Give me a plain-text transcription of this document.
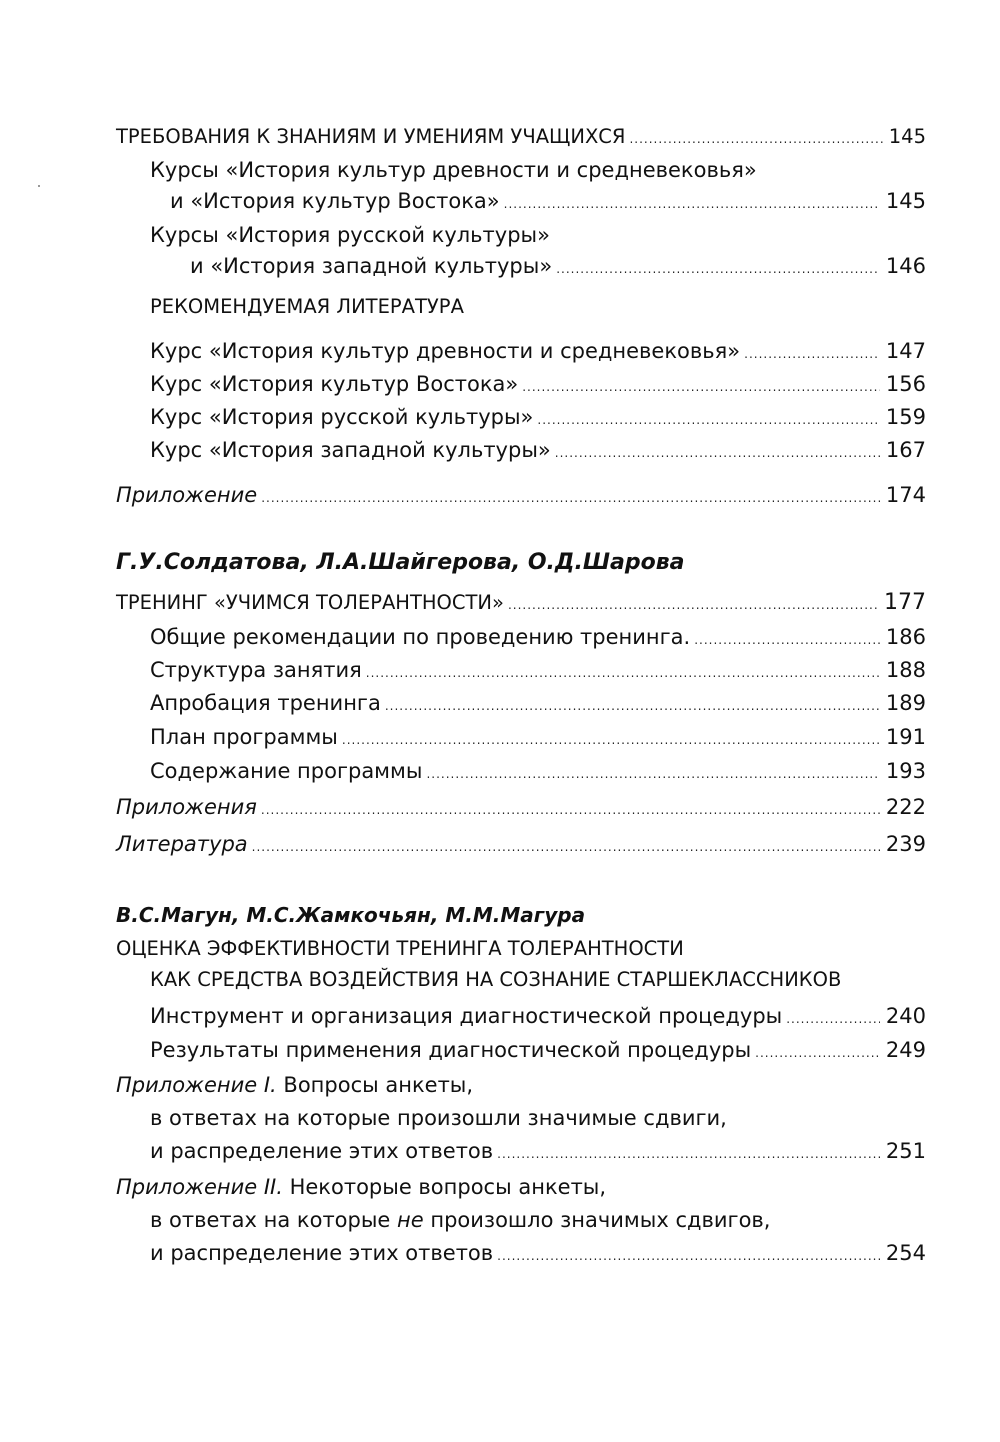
ТРЕБОВАНИЯ К ЗНАНИЯМ И УМЕНИЯМ УЧАЩИХСЯ .....	145
Курсы «История культур древности и средневековья»
и «История культур Востока» .....	145
Курсы «История русской культуры»
и «История западной культуры» .....	146
РЕКОМЕНДУЕМАЯ ЛИТЕРАТУРА
Курс «История культур древности и средневековья» .....	147
Курс «История культур Востока» .....	156
Курс «История русской культуры» .....	159
Курс «История западной культуры» .....	167
Приложение .....	174
Г.У.Солдатова, Л.А.Шайгерова, О.Д.Шарова
ТРЕНИНГ «УЧИМСЯ ТОЛЕРАНТНОСТИ» .....	177
Общие рекомендации по проведению тренинга. .....	186
Структура занятия .....	188
Апробация тренинга .....	189
План программы .....	191
Содержание программы .....	193
Приложения .....	222
Литература .....	239
В.С.Магун, М.С.Жамкочьян, М.М.Магура
ОЦЕНКА ЭФФЕКТИВНОСТИ ТРЕНИНГА ТОЛЕРАНТНОСТИ
КАК СРЕДСТВА ВОЗДЕЙСТВИЯ НА СОЗНАНИЕ СТАРШЕКЛАССНИКОВ
Инструмент и организация диагностической процедуры .....	240
Результаты применения диагностической процедуры .....	249
Приложение I. Вопросы анкеты,
в ответах на которые произошли значимые сдвиги,
и распределение этих ответов .....	251
Приложение II. Некоторые вопросы анкеты,
в ответах на которые не произошло значимых сдвигов,
и распределение этих ответов .....	254
